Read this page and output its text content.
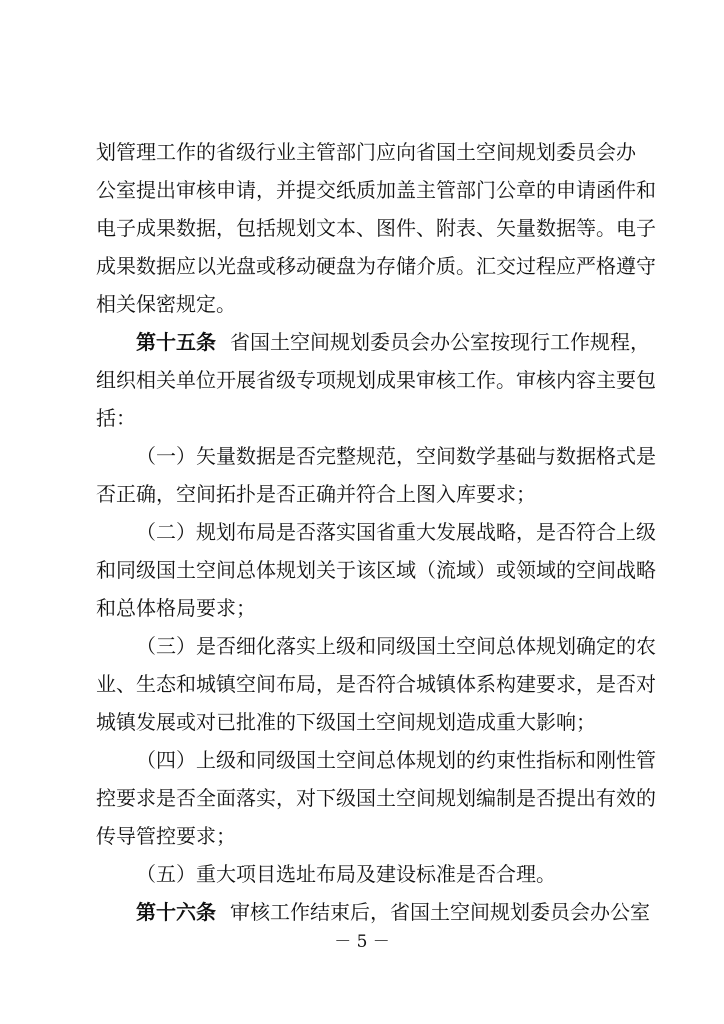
划管理工作的省级行业主管部门应向省国土空间规划委员会办
公室提出审核申请，并提交纸质加盖主管部门公章的申请函件和
电子成果数据，包括规划文本、图件、附表、矢量数据等。电子
成果数据应以光盘或移动硬盘为存储介质。汇交过程应严格遵守
相关保密规定。
第十五条 省国土空间规划委员会办公室按现行工作规程，
组织相关单位开展省级专项规划成果审核工作。审核内容主要包
括：
（一）矢量数据是否完整规范，空间数学基础与数据格式是
否正确，空间拓扑是否正确并符合上图入库要求；
（二）规划布局是否落实国省重大发展战略，是否符合上级
和同级国土空间总体规划关于该区域（流域）或领域的空间战略
和总体格局要求；
（三）是否细化落实上级和同级国土空间总体规划确定的农
业、生态和城镇空间布局，是否符合城镇体系构建要求，是否对
城镇发展或对已批准的下级国土空间规划造成重大影响；
（四）上级和同级国土空间总体规划的约束性指标和刚性管
控要求是否全面落实，对下级国土空间规划编制是否提出有效的
传导管控要求；
（五）重大项目选址布局及建设标准是否合理。
第十六条 审核工作结束后，省国土空间规划委员会办公室
－ 5 －
